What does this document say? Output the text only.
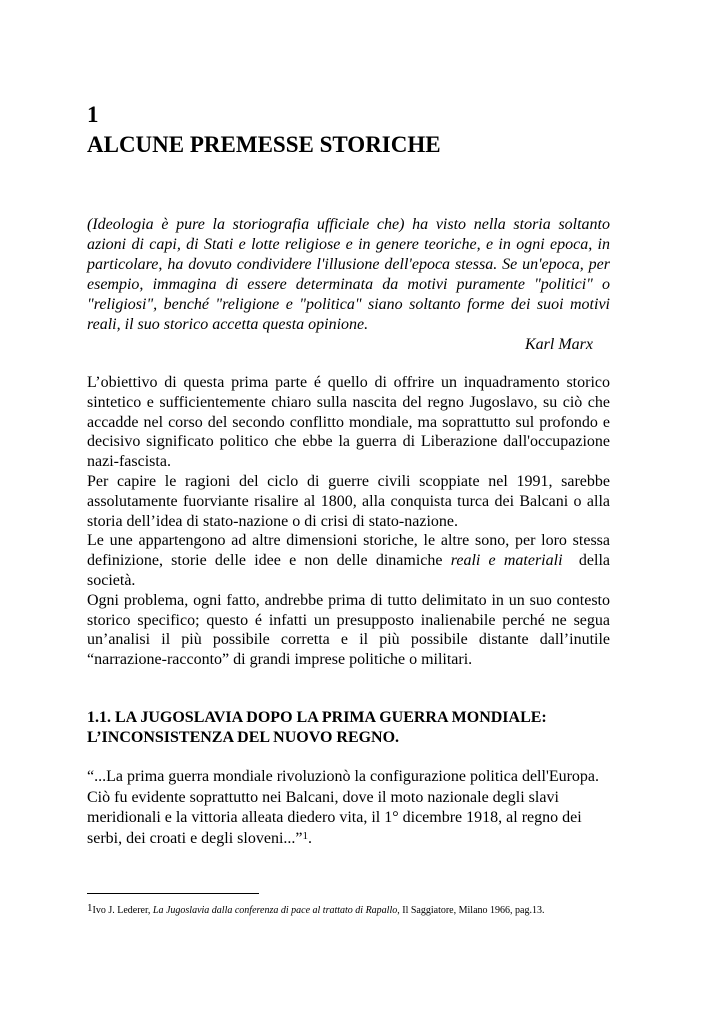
1
ALCUNE PREMESSE STORICHE

(Ideologia è pure la storiografia ufficiale che) ha visto nella storia soltanto azioni di capi, di Stati e lotte religiose e in genere teoriche, e in ogni epoca, in particolare, ha dovuto condividere l'illusione dell'epoca stessa. Se un'epoca, per esempio, immagina di essere determinata da motivi puramente "politici" o "religiosi", benché "religione e "politica" siano soltanto forme dei suoi motivi reali, il suo storico accetta questa opinione.

Karl Marx

L’obiettivo di questa prima parte é quello di offrire un inquadramento storico sintetico e sufficientemente chiaro sulla nascita del regno Jugoslavo, su ciò che accadde nel corso del secondo conflitto mondiale, ma soprattutto sul profondo e decisivo significato politico che ebbe la guerra di Liberazione dall'occupazione nazi-fascista.

Per capire le ragioni del ciclo di guerre civili scoppiate nel 1991, sarebbe assolutamente fuorviante risalire al 1800, alla conquista turca dei Balcani o alla storia dell’idea di stato-nazione o di crisi di stato-nazione.

Le une appartengono ad altre dimensioni storiche, le altre sono, per loro stessa definizione, storie delle idee e non delle dinamiche reali e materiali  della società.

Ogni problema, ogni fatto, andrebbe prima di tutto delimitato in un suo contesto storico specifico; questo é infatti un presupposto inalienabile perché ne segua un’analisi il più possibile corretta e il più possibile distante dall’inutile “narrazione-racconto” di grandi imprese politiche o militari.

1.1. LA JUGOSLAVIA DOPO LA PRIMA GUERRA MONDIALE:
L’INCONSISTENZA DEL NUOVO REGNO.

“...La prima guerra mondiale rivoluzionò la configurazione politica dell'Europa. Ciò fu evidente soprattutto nei Balcani, dove il moto nazionale degli slavi meridionali e la vittoria alleata diedero vita, il 1° dicembre 1918, al regno dei serbi, dei croati e degli sloveni...”$^1$.

1Ivo J. Lederer, La Jugoslavia dalla conferenza di pace al trattato di Rapallo, Il Saggiatore, Milano 1966, pag.13.
